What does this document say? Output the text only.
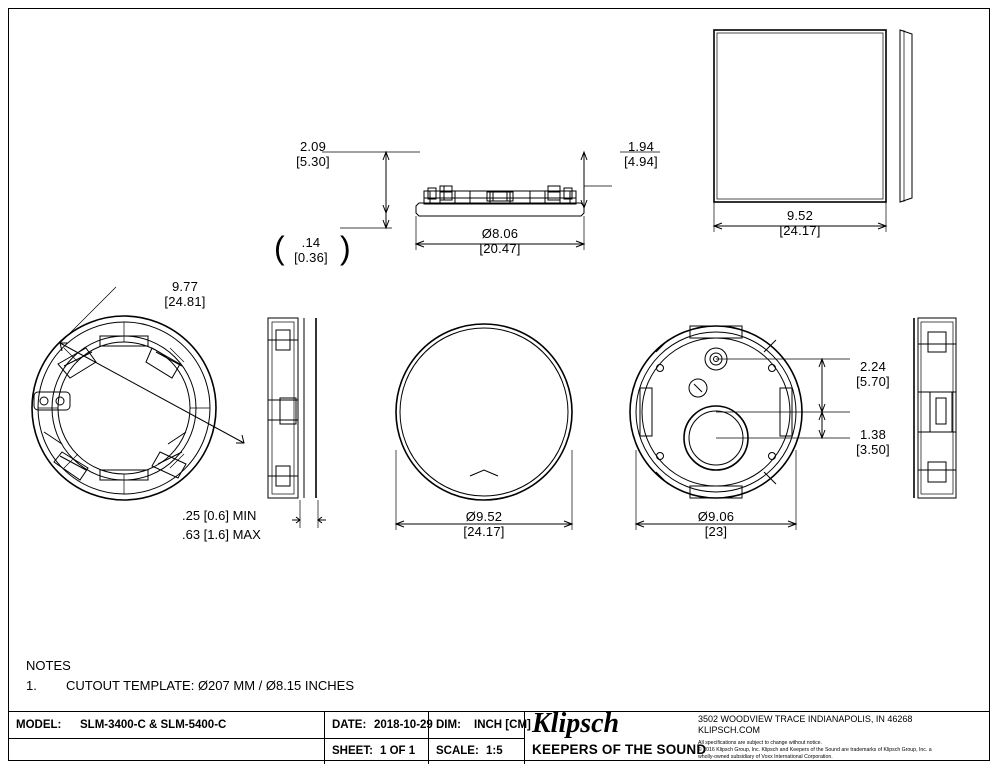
2.09
[5.30]
1.94
[4.94]
.14
[0.36]
( )	Ø8.06
[20.47]
9.52
[24.17]
9.77
[24.81]
Ø9.52
[24.17]
Ø9.06
[23]
2.24
[5.70]
1.38
[3.50]
.25 [0.6] MIN
.63 [1.6] MAX
NOTES
1. CUTOUT TEMPLATE: Ø207 MM / Ø8.15 INCHES
MODEL:	SLM-3400-C & SLM-5400-C	DATE: 2018-10-29 DIM:	INCH [CM]
SHEET: 1 OF 1	SCALE: 1:5
Klipsch
KEEPERS OF THE SOUND
3502 WOODVIEW TRACE INDIANAPOLIS, IN 46268
KLIPSCH.COM
All specifications are subject to change without notice.
© 2016 Klipsch Group, Inc. Klipsch and Keepers of the Sound are trademarks of Klipsch Group, Inc. a
wholly-owned subsidiary of Voxx International Corporation.
